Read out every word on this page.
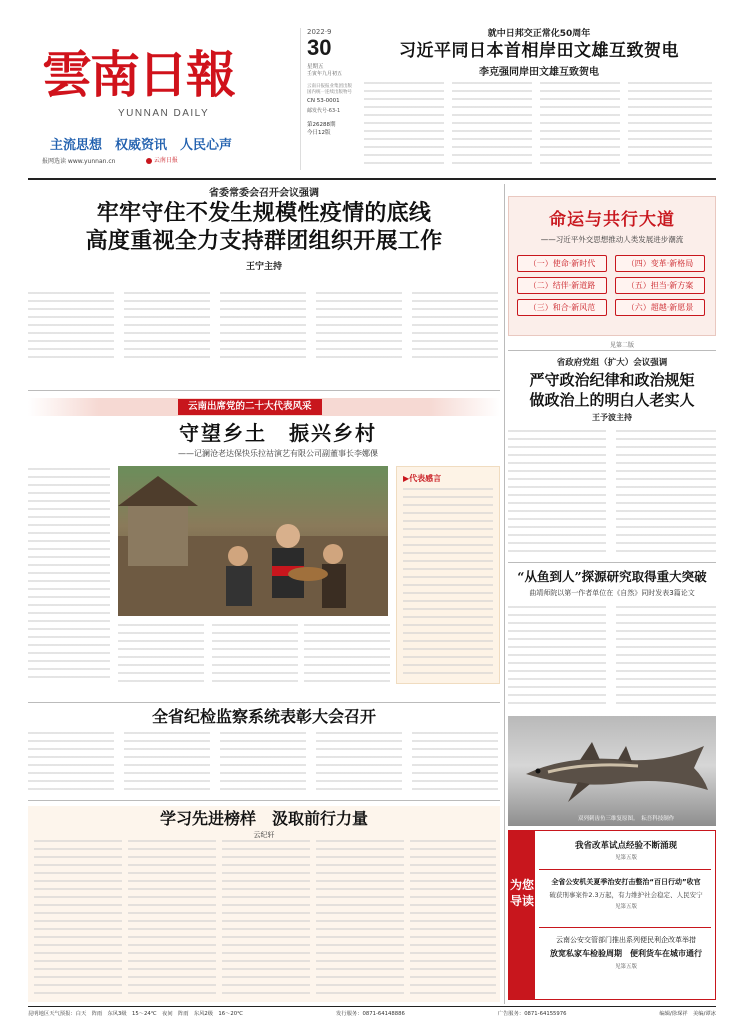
雲南日報
YUNNAN DAILY
主流思想　权威资讯　人民心声
报网选读 www.yunnan.cn	云南日报
2022·9
30
星期五
壬寅年九月初五
云南日报报业集团出版
国内统一连续出版物号
CN 53-0001
邮发代号-63-1
第26288期
今日12版
就中日邦交正常化50周年
习近平同日本首相岸田文雄互致贺电
李克强同岸田文雄互致贺电
省委常委会召开会议强调
牢牢守住不发生规模性疫情的底线
高度重视全力支持群团组织开展工作
王宁主持
命运与共行大道
——习近平外交思想推动人类发展进步潮流
（一）使命·新时代	（四）变革·新格局
（二）结伴·新道路	（五）担当·新方案
（三）和合·新风范	（六）超越·新愿景
见第二版
省政府党组（扩大）会议强调
严守政治纪律和政治规矩
做政治上的明白人老实人
王予波主持
“从鱼到人”探源研究取得重大突破
曲靖师院以第一作者单位在《自然》同时发表3篇论文
双列刺齿鱼三维复原图。　耘吾科技制作
云南出席党的二十大代表风采
守望乡土　振兴乡村
——记澜沧老达保快乐拉祜演艺有限公司副董事长李娜倮
▶代表感言
全省纪检监察系统表彰大会召开
学习先进榜样　汲取前行力量
云纪轩
为您
导读
我省改革试点经验不断涌现
见第五版
全省公安机关夏季治安打击整治“百日行动”收官
破获刑事案件2.3万起，有力维护社会稳定、人民安宁
见第五版
云南公安交管部门推出系列便民利企改革举措
放宽私家车检验周期　便利货车在城市通行
见第五版
昆明地区天气预报：白天　阵雨　东风3级　15～24℃　夜间　阵雨　东风2级　16～20℃	发行服务：0871-64148886	广告服务：0871-64155976	编辑/徐琛祥　美编/谭冰
